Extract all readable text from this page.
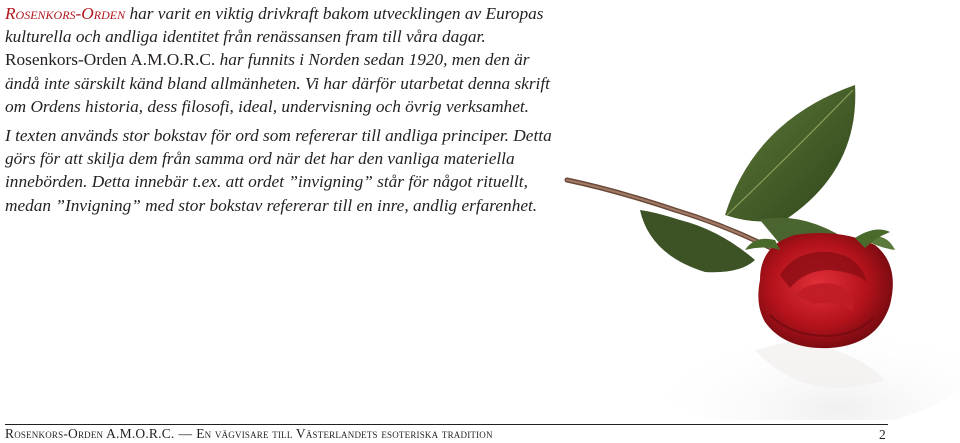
Rosenkors-Orden har varit en viktig drivkraft bakom utvecklingen av Europas kulturella och andliga identitet från renässansen fram till våra dagar. Rosenkors-Orden A.M.O.R.C. har funnits i Norden sedan 1920, men den är ändå inte särskilt känd bland allmänheten. Vi har därför utarbetat denna skrift om Ordens historia, dess filosofi, ideal, undervisning och övrig verksamhet.

I texten används stor bokstav för ord som refererar till andliga principer. Detta görs för att skilja dem från samma ord när det har den vanliga materiella innebörden. Detta innebär t.ex. att ordet ”invigning” står för något rituellt, medan ”Invigning” med stor bokstav refererar till en inre, andlig erfarenhet.

Rosenkors-Orden A.M.O.R.C. — En vägvisare till Västerlandets esoteriska tradition	2
